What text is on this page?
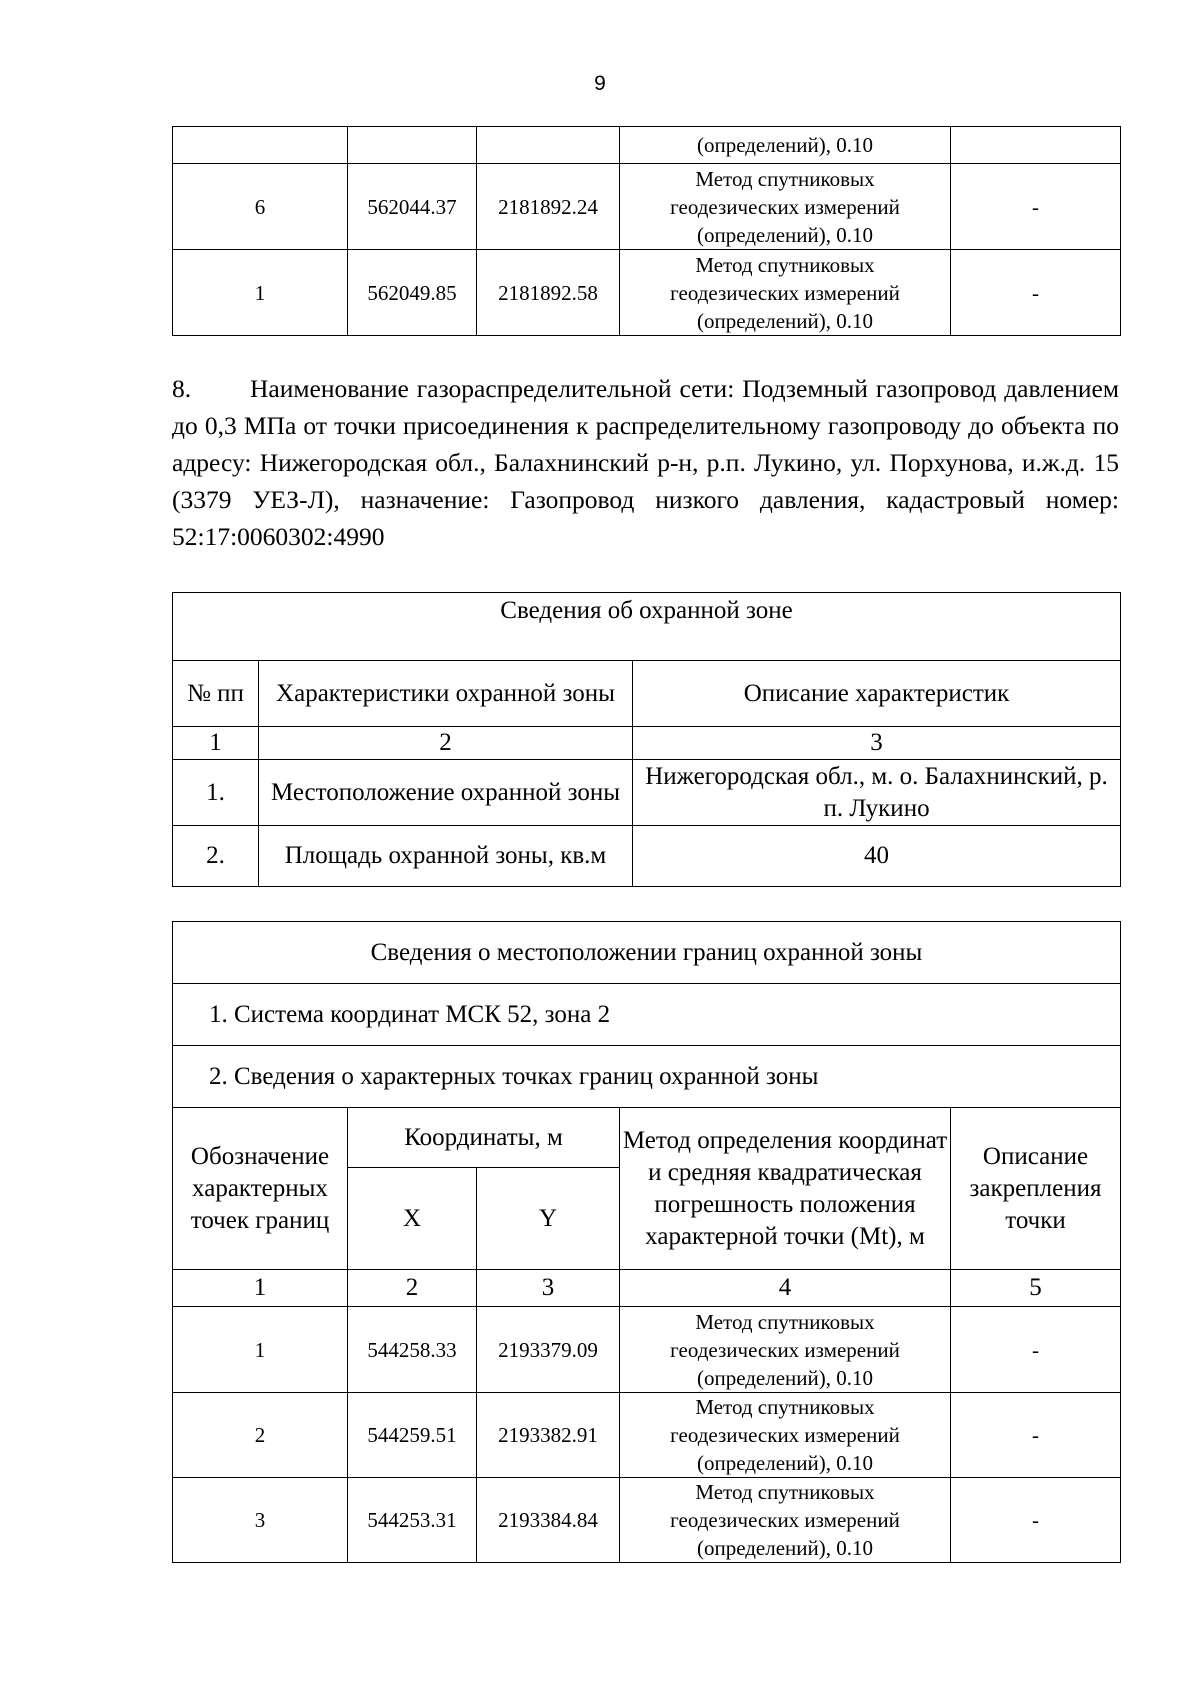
9
			(определений), 0.10	
6	562044.37	2181892.24	Метод спутниковых
геодезических измерений
(определений), 0.10	-
1	562049.85	2181892.58	Метод спутниковых
геодезических измерений
(определений), 0.10	-
8. Наименование газораспределительной сети: Подземный газопровод давлением до 0,3 МПа от точки присоединения к распределительному газопроводу до объекта по адресу: Нижегородская обл., Балахнинский р-н, р.п. Лукино, ул. Порхунова, и.ж.д. 15 (3379 УЕЗ-Л), назначение: Газопровод низкого давления, кадастровый номер: 52:17:0060302:4990
Сведения об охранной зоне		
№ пп	Характеристики охранной зоны	Описание характеристик
1	2	3
1.	Местоположение охранной зоны	Нижегородская обл., м. о. Балахнинский, р. п. Лукино
2.	Площадь охранной зоны, кв.м	40
Сведения о местоположении границ охранной зоны				
1. Система координат МСК 52, зона 2				
2. Сведения о характерных точках границ охранной зоны				
Обозначение характерных точек границ	Координаты, м		Метод определения координат и средняя квадратическая погрешность положения характерной точки (Mt), м	Описание закрепления точки
	X	Y		
1	2	3	4	5
1	544258.33	2193379.09	Метод спутниковых
геодезических измерений
(определений), 0.10	-
2	544259.51	2193382.91	Метод спутниковых
геодезических измерений
(определений), 0.10	-
3	544253.31	2193384.84	Метод спутниковых
геодезических измерений
(определений), 0.10	-
